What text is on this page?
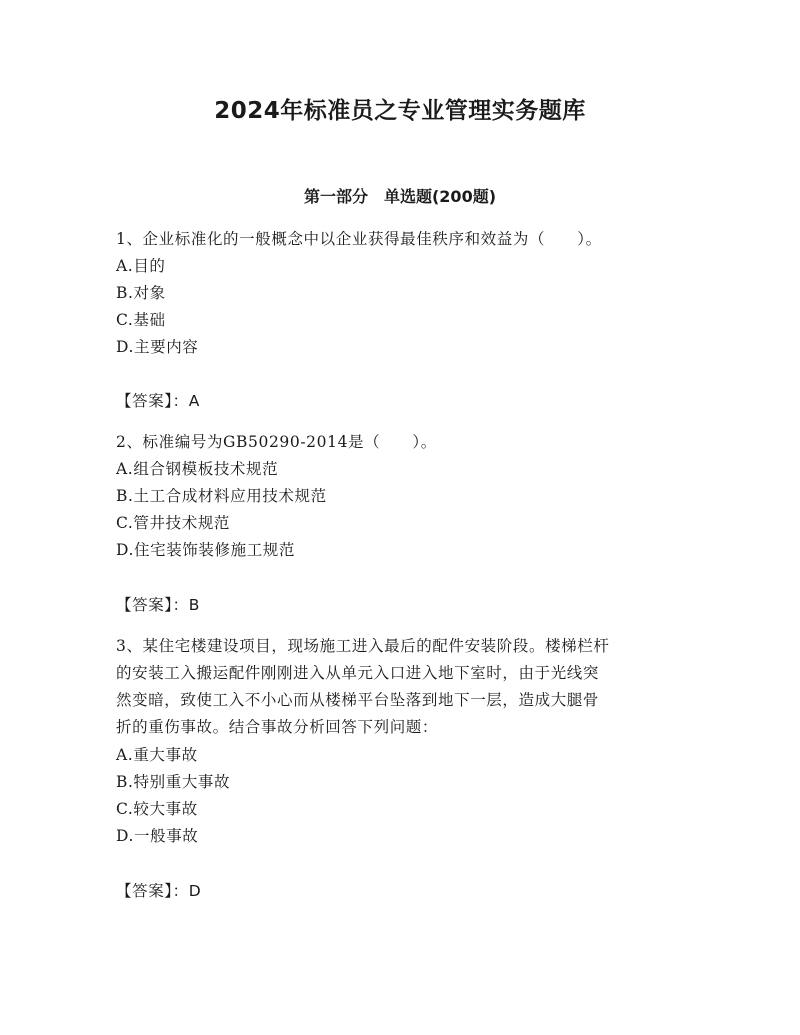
2024年标准员之专业管理实务题库
第一部分　单选题(200题)
1、企业标准化的一般概念中以企业获得最佳秩序和效益为（　　）。
A.目的
B.对象
C.基础
D.主要内容
【答案】：A
2、标准编号为GB50290-2014是（　　）。
A.组合钢模板技术规范
B.土工合成材料应用技术规范
C.管井技术规范
D.住宅装饰装修施工规范
【答案】：B
3、某住宅楼建设项目，现场施工进入最后的配件安装阶段。楼梯栏杆
的安装工入搬运配件刚刚进入从单元入口进入地下室时，由于光线突
然变暗，致使工入不小心而从楼梯平台坠落到地下一层，造成大腿骨
折的重伤事故。结合事故分析回答下列问题：
A.重大事故
B.特别重大事故
C.较大事故
D.一般事故
【答案】：D
